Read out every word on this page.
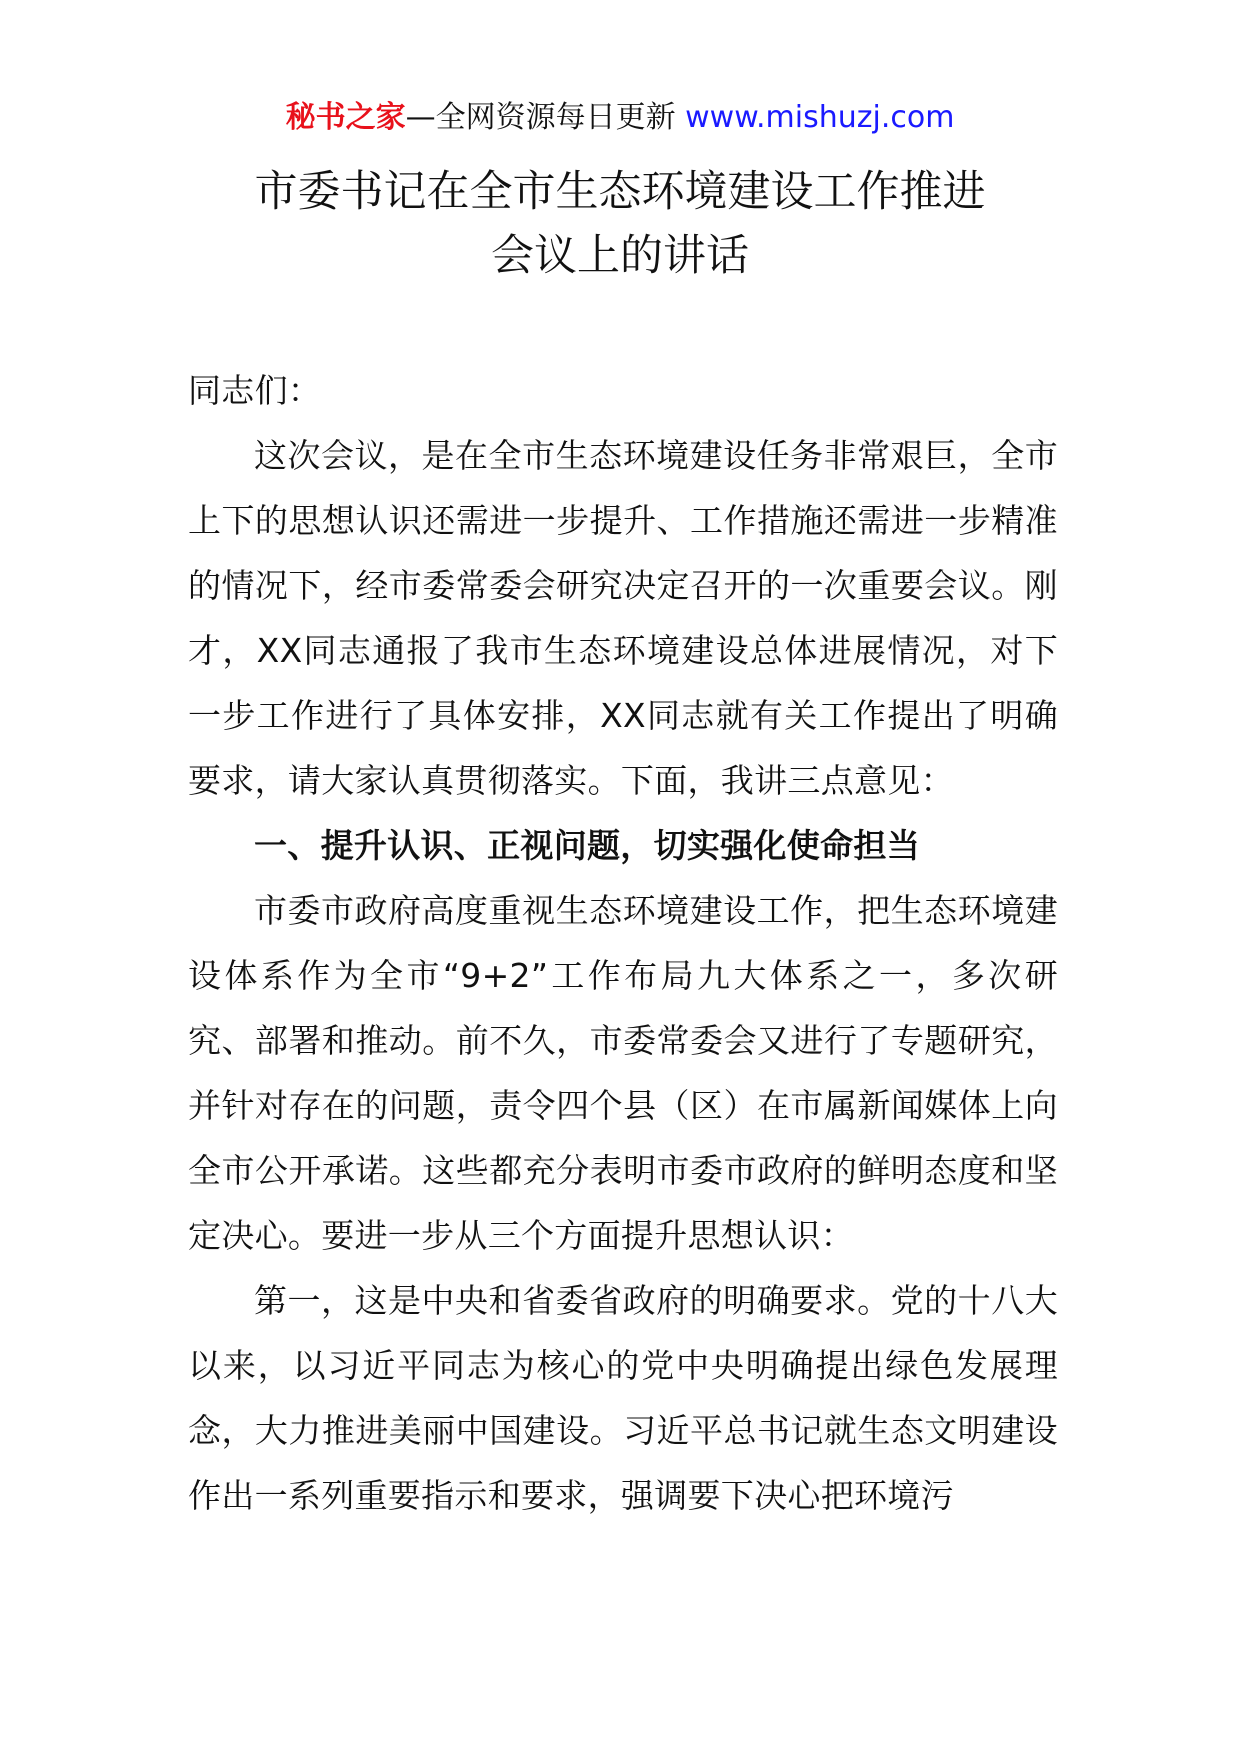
秘书之家—全网资源每日更新 www.mishuzj.com
市委书记在全市生态环境建设工作推进
会议上的讲话

同志们：

这次会议，是在全市生态环境建设任务非常艰巨，全市上下的思想认识还需进一步提升、工作措施还需进一步精准的情况下，经市委常委会研究决定召开的一次重要会议。刚才，XX同志通报了我市生态环境建设总体进展情况，对下一步工作进行了具体安排，XX同志就有关工作提出了明确要求，请大家认真贯彻落实。下面，我讲三点意见：

一、提升认识、正视问题，切实强化使命担当

市委市政府高度重视生态环境建设工作，把生态环境建设体系作为全市“9+2”工作布局九大体系之一，多次研究、部署和推动。前不久，市委常委会又进行了专题研究，并针对存在的问题，责令四个县（区）在市属新闻媒体上向全市公开承诺。这些都充分表明市委市政府的鲜明态度和坚定决心。要进一步从三个方面提升思想认识：

第一，这是中央和省委省政府的明确要求。党的十八大以来，以习近平同志为核心的党中央明确提出绿色发展理念，大力推进美丽中国建设。习近平总书记就生态文明建设作出一系列重要指示和要求，强调要下决心把环境污
